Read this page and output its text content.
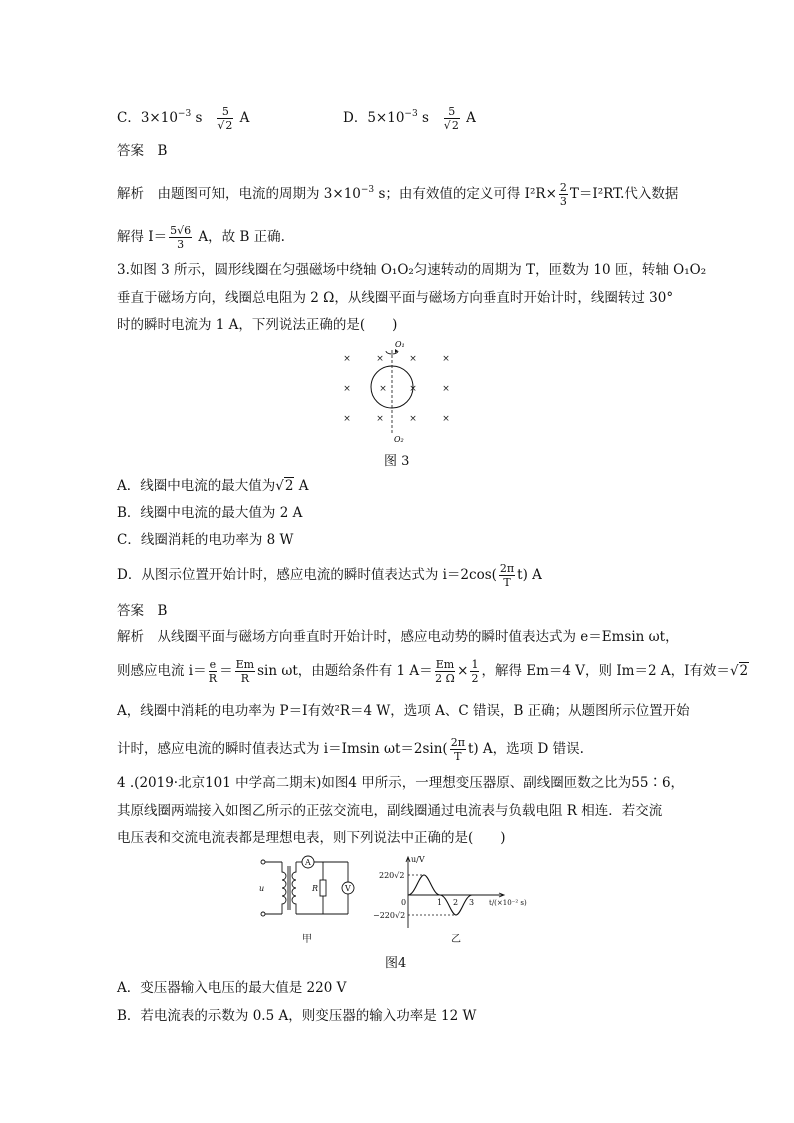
C．$3\times 10^{-3}$ s $\frac{5}{√2}$ A	D．$5\times 10^{-3}$ s $\frac{5}{√2}$ A
答案　B
解析　由题图可知，电流的周期为 $3\times 10^{-3}$ s；由有效值的定义可得 $I^2R\times \frac{2}{3} T=I^2RT$.代入数据
解得 $I= \frac{5√6}{3}$ A，故 B 正确.
3.如图 3 所示，圆形线圈在匀强磁场中绕轴 O₁O₂匀速转动的周期为 T，匝数为 10 匝，转轴 O₁O₂
垂直于磁场方向，线圈总电阻为 2 Ω，从线圈平面与磁场方向垂直时开始计时，线圈转过 30°
时的瞬时电流为 1 A，下列说法正确的是(　　)
×	×	×	×
×	× ×	×
×	×	×	×
O₁
O₂
图 3
A．线圈中电流的最大值为√2 A
B．线圈中电流的最大值为 2 A
C．线圈消耗的电功率为 8 W
D．从图示位置开始计时，感应电流的瞬时值表达式为 $i=2\cos( \frac{2\pi}{T} t)$ A
答案　B
解析　从线圈平面与磁场方向垂直时开始计时，感应电动势的瞬时值表达式为 e＝Emsin ωt，
则感应电流 $i= \frac{e}{R} = \frac{Em}{R}$ sin ωt，由题给条件有 1 $A= \frac{Em}{2 \Omega} \times \frac{1}{2}$ ，解得 Em＝4 V，则 Im＝2 A，I有效＝√2
A，线圈中消耗的电功率为 P＝I有效²R＝4 W，选项 A、C 错误，B 正确；从题图所示位置开始
计时，感应电流的瞬时值表达式为 i＝Imsin $\omega t=2\sin( \frac{2\pi}{T} t)$ A，选项 D 错误.
4 .(2019·北京101 中学高二期末)如图4 甲所示，一理想变压器原、副线圈匝数之比为55∶6，
其原线圈两端接入如图乙所示的正弦交流电，副线圈通过电流表与负载电阻 R 相连．若交流
电压表和交流电流表都是理想电表，则下列说法中正确的是(　　)
u
A
R	V
甲
u/V
220√2
−220√2
0	1 2 3 t/(×10⁻² s)
乙
图4
A．变压器输入电压的最大值是 220 V
B．若电流表的示数为 0.5 A，则变压器的输入功率是 12 W
